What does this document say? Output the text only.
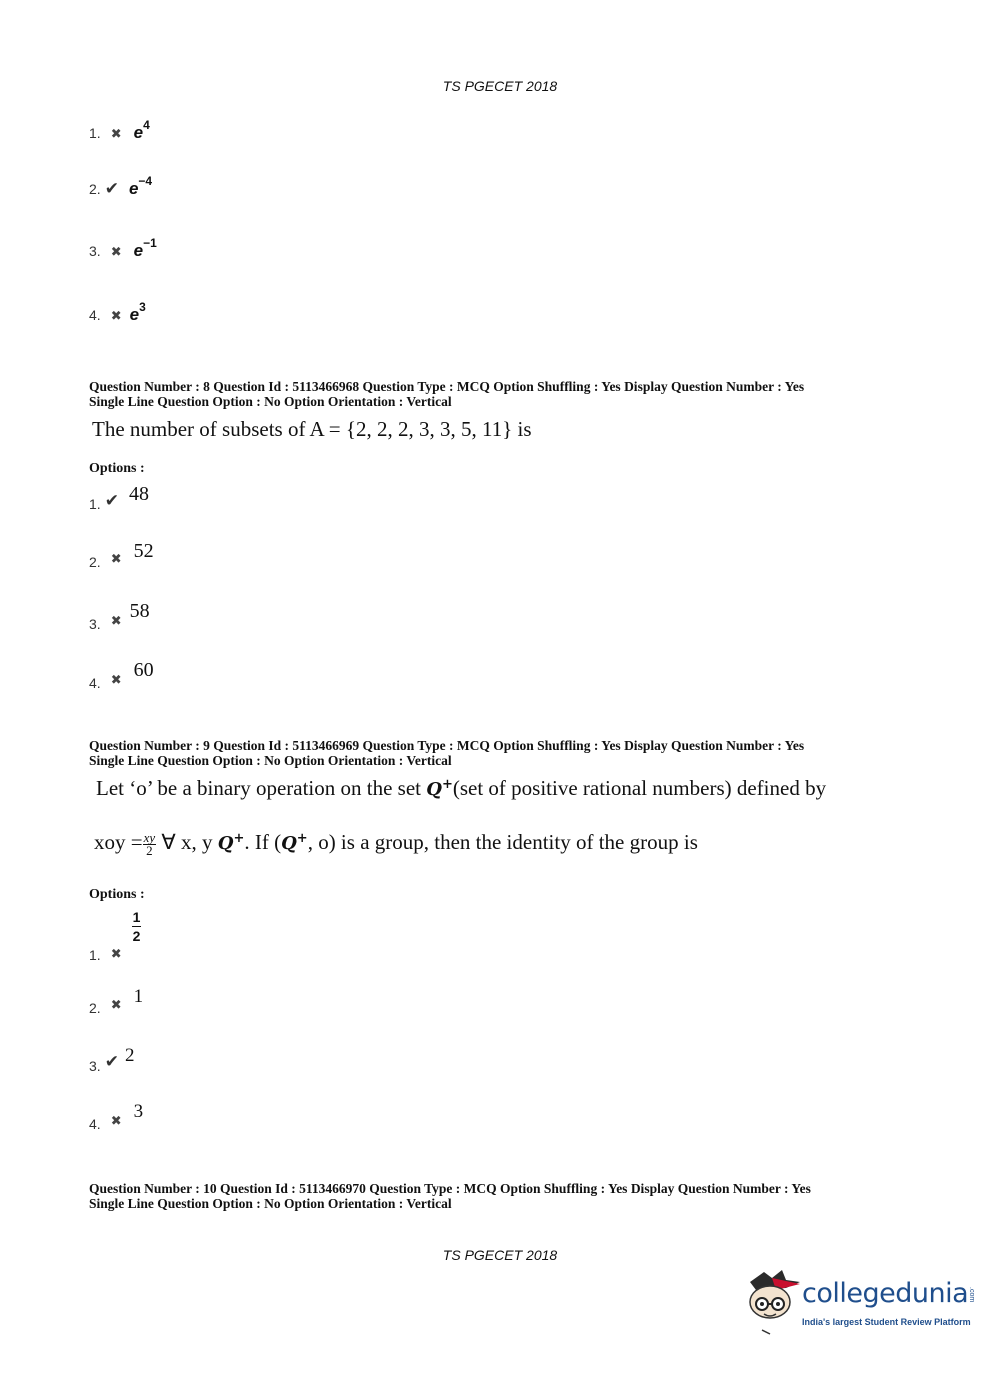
TS PGECET 2018
1. ✖ $e^4$
2. ✔ $e^{-4}$
3. ✖ $e^{-1}$
4. ✖ $e^3$
Question Number : 8 Question Id : 5113466968 Question Type : MCQ Option Shuffling : Yes Display Question Number : Yes
Single Line Question Option : No Option Orientation : Vertical
The number of subsets of A = {2, 2, 2, 3, 3, 5, 11} is
Options :
1. ✔ 48
2. $_✖$ 52
3. $_✖$ 58
4. $_✖$ 60
Question Number : 9 Question Id : 5113466969 Question Type : MCQ Option Shuffling : Yes Display Question Number : Yes
Single Line Question Option : No Option Orientation : Vertical
Let ‘o’ be a binary operation on the set Q+(set of positive rational numbers) defined by
xoy = $\frac{xy}{2}$ ∀ x, y Q+. If (Q+, o) is a group, then the identity of the group is
Options :
1. $_✖$
$\frac{1}{2}$
2. $_✖$ 1
3. ✔ 2
4. $_✖$ 3
Question Number : 10 Question Id : 5113466970 Question Type : MCQ Option Shuffling : Yes Display Question Number : Yes
Single Line Question Option : No Option Orientation : Vertical
TS PGECET 2018
collegedunia.com
India's largest Student Review Platform
